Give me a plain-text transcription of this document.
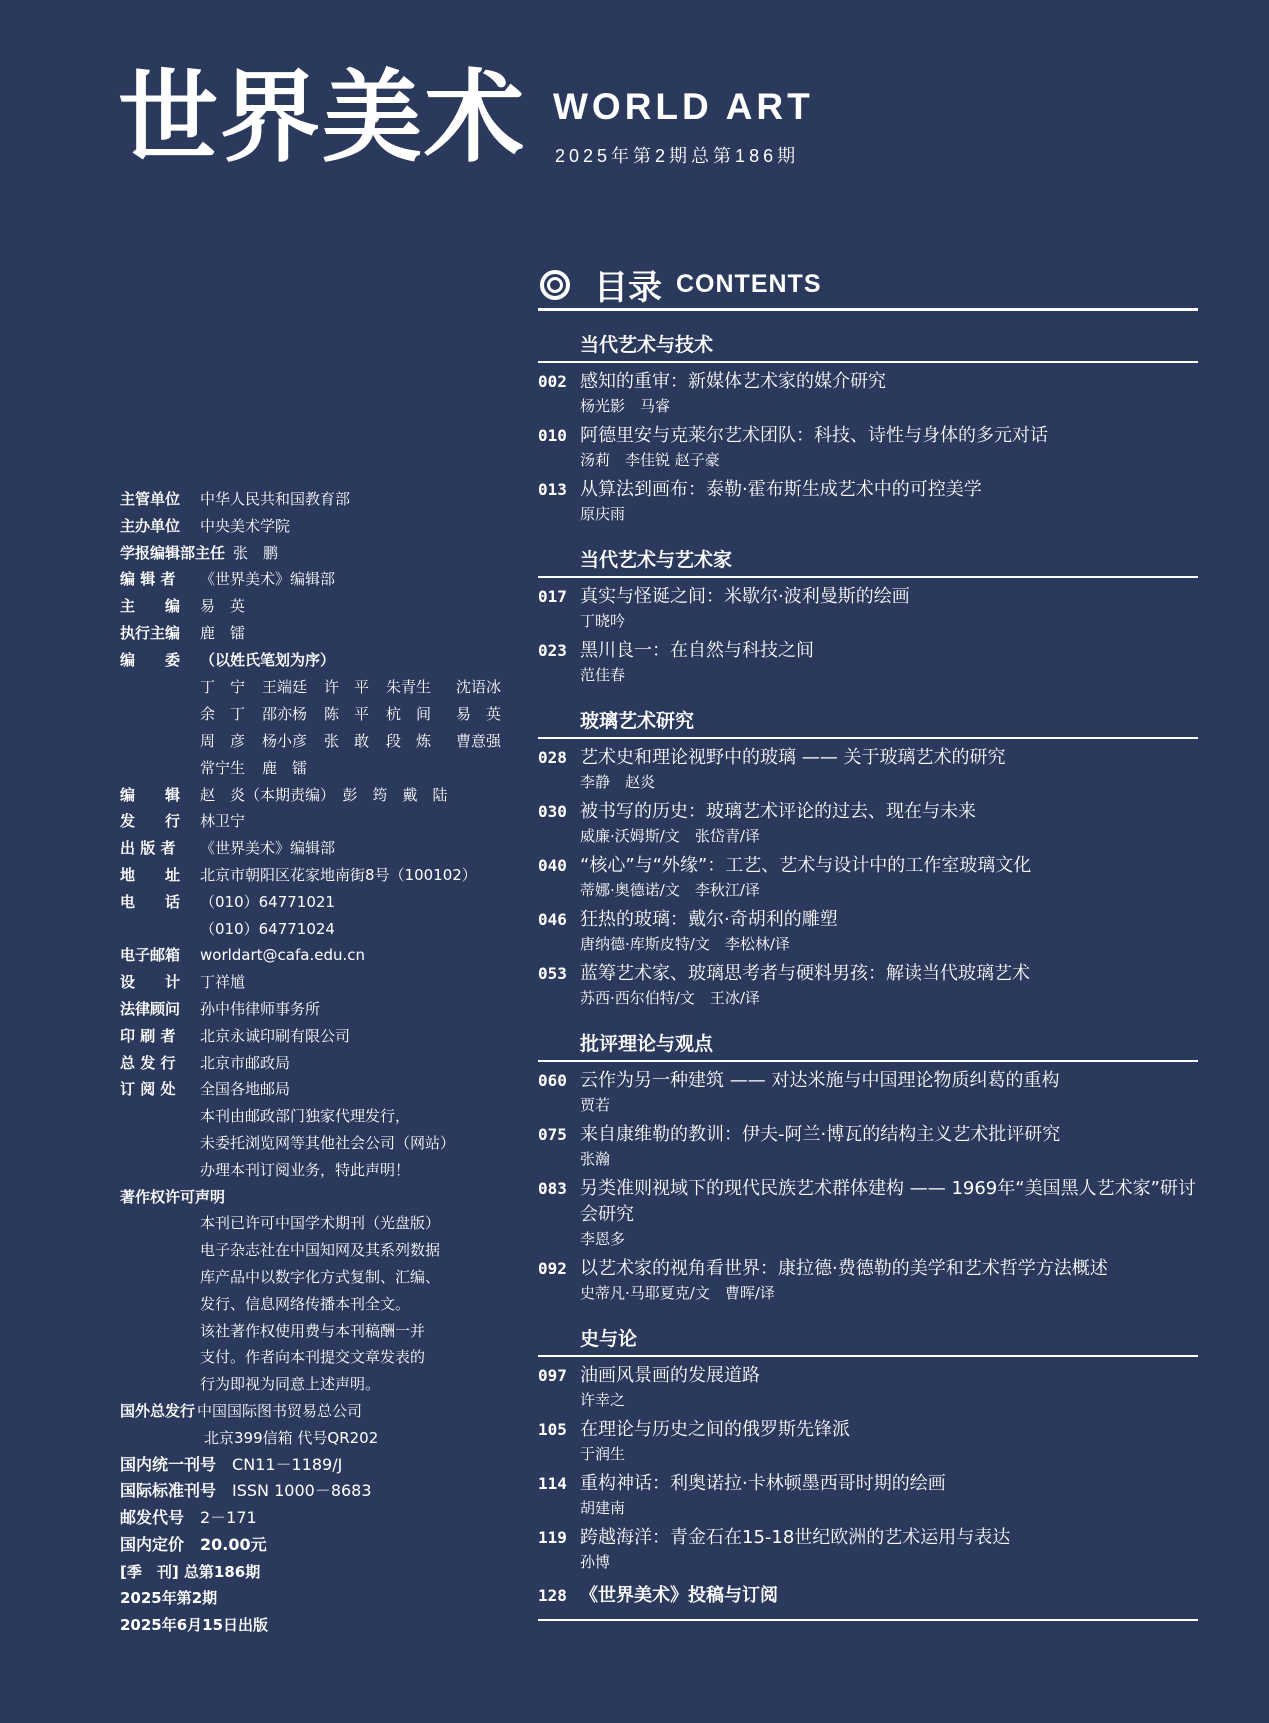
世界美术 WORLD ART
2025年第2期总第186期
目录 CONTENTS
当代艺术与技术
002 感知的重审：新媒体艺术家的媒介研究
杨光影　马睿
010 阿德里安与克莱尔艺术团队：科技、诗性与身体的多元对话
汤莉　李佳锐 赵子豪
013 从算法到画布：泰勒·霍布斯生成艺术中的可控美学
原庆雨
当代艺术与艺术家
017 真实与怪诞之间：米歇尔·波利曼斯的绘画
丁晓吟
023 黑川良一：在自然与科技之间
范佳春
玻璃艺术研究
028 艺术史和理论视野中的玻璃 —— 关于玻璃艺术的研究
李静　赵炎
030 被书写的历史：玻璃艺术评论的过去、现在与未来
威廉·沃姆斯/文　张岱青/译
040 “核心”与“外缘”：工艺、艺术与设计中的工作室玻璃文化
蒂娜·奥德诺/文　李秋江/译
046 狂热的玻璃：戴尔·奇胡利的雕塑
唐纳德·库斯皮特/文　李松林/译
053 蓝筹艺术家、玻璃思考者与硬料男孩：解读当代玻璃艺术
苏西·西尔伯特/文　王冰/译
批评理论与观点
060 云作为另一种建筑 —— 对达米施与中国理论物质纠葛的重构
贾若
075 来自康维勒的教训：伊夫-阿兰·博瓦的结构主义艺术批评研究
张瀚
083 另类准则视域下的现代民族艺术群体建构 —— 1969年“美国黑人艺术家”研讨会研究
李恩多
092 以艺术家的视角看世界：康拉德·费德勒的美学和艺术哲学方法概述
史蒂凡·马耶夏克/文　曹晖/译
史与论
097 油画风景画的发展道路
许幸之
105 在理论与历史之间的俄罗斯先锋派
于润生
114 重构神话：利奥诺拉·卡林顿墨西哥时期的绘画
胡建南
119 跨越海洋：青金石在15-18世纪欧洲的艺术运用与表达
孙博
128 《世界美术》投稿与订阅
主管单位	中华人民共和国教育部
主办单位	中央美术学院
学报编辑部主任 张　鹏
编 辑 者	《世界美术》编辑部
主　　编	易　英
执行主编	鹿　镭
编　　委	（以姓氏笔划为序）
丁　宁	王端廷	许　平	朱青生	沈语冰
余　丁	邵亦杨	陈　平	杭　间	易　英
周　彦	杨小彦	张　敢	段　炼	曹意强
常宁生	鹿　镭
编　　辑	赵　炎（本期责编）　彭　筠　戴　陆
发　　行	林卫宁
出 版 者	《世界美术》编辑部
地　　址	北京市朝阳区花家地南街8号（100102）
电　　话	（010）64771021
（010）64771024
电子邮箱	worldart@cafa.edu.cn
设　　计	丁祥馗
法律顾问	孙中伟律师事务所
印 刷 者	北京永诚印刷有限公司
总 发 行	北京市邮政局
订 阅 处	全国各地邮局
本刊由邮政部门独家代理发行，
未委托浏览网等其他社会公司（网站）
办理本刊订阅业务，特此声明！
著作权许可声明
本刊已许可中国学术期刊（光盘版）
电子杂志社在中国知网及其系列数据
库产品中以数字化方式复制、汇编、
发行、信息网络传播本刊全文。
该社著作权使用费与本刊稿酬一并
支付。作者向本刊提交文章发表的
行为即视为同意上述声明。
国外总发行 中国国际图书贸易总公司
北京399信箱 代号QR202
国内统一刊号 CN11－1189/J
国际标准刊号 ISSN 1000－8683
邮发代号 2－171
国内定价 20.00元
[季　刊] 总第186期
2025年第2期
2025年6月15日出版
